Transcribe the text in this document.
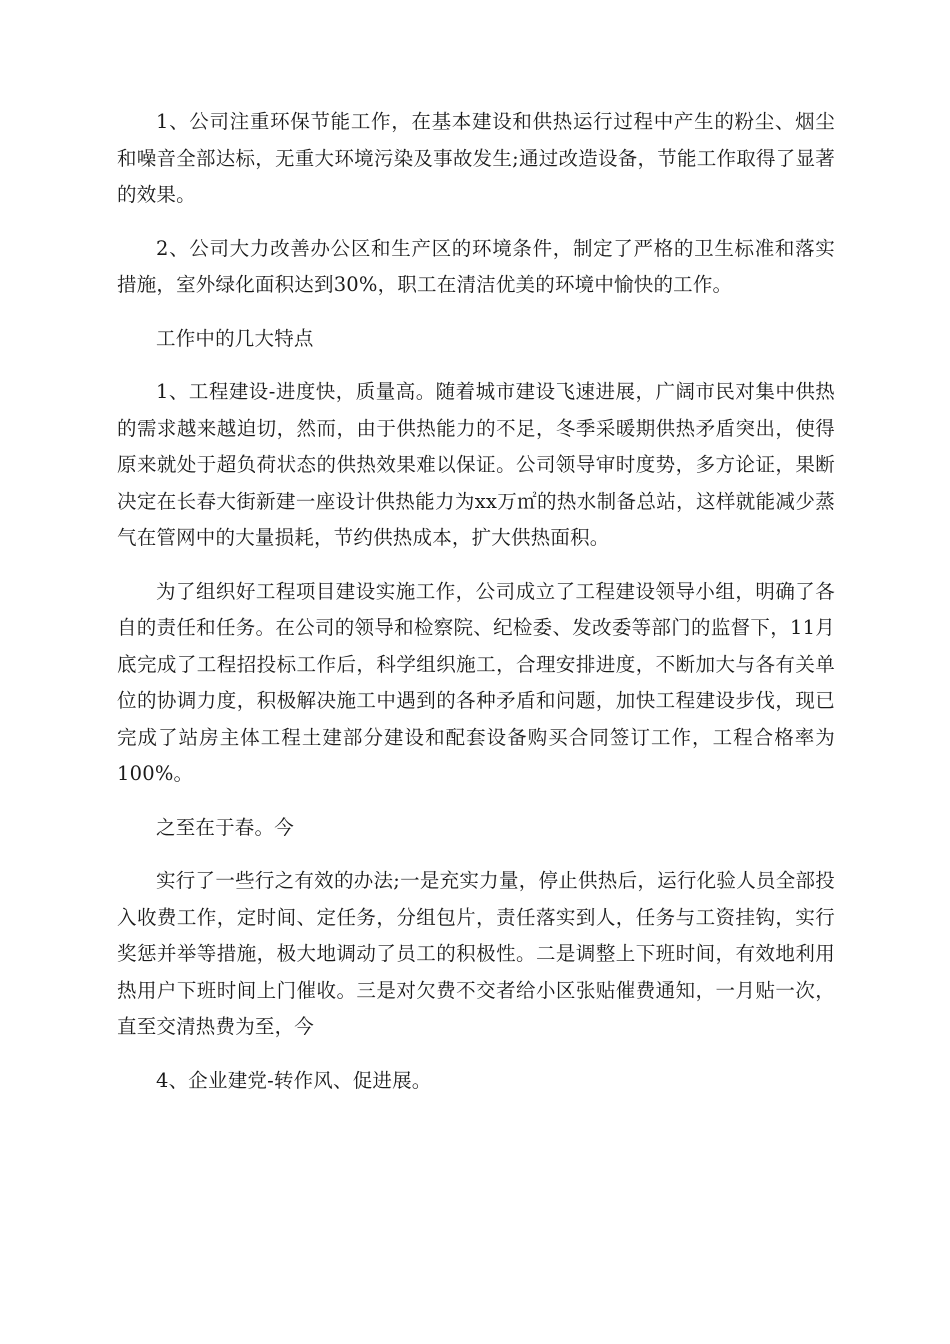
1、公司注重环保节能工作，在基本建设和供热运行过程中产生的粉尘、烟尘和噪音全部达标，无重大环境污染及事故发生;通过改造设备，节能工作取得了显著的效果。

2、公司大力改善办公区和生产区的环境条件，制定了严格的卫生标准和落实措施，室外绿化面积达到30%，职工在清洁优美的环境中愉快的工作。

工作中的几大特点

1、工程建设-进度快，质量高。随着城市建设飞速进展，广阔市民对集中供热的需求越来越迫切，然而，由于供热能力的不足，冬季采暖期供热矛盾突出，使得原来就处于超负荷状态的供热效果难以保证。公司领导审时度势，多方论证，果断决定在长春大街新建一座设计供热能力为xx万㎡的热水制备总站，这样就能减少蒸气在管网中的大量损耗，节约供热成本，扩大供热面积。

为了组织好工程项目建设实施工作，公司成立了工程建设领导小组，明确了各自的责任和任务。在公司的领导和检察院、纪检委、发改委等部门的监督下，11月底完成了工程招投标工作后，科学组织施工，合理安排进度，不断加大与各有关单位的协调力度，积极解决施工中遇到的各种矛盾和问题，加快工程建设步伐，现已完成了站房主体工程土建部分建设和配套设备购买合同签订工作，工程合格率为100%。

之至在于春。今

实行了一些行之有效的办法;一是充实力量，停止供热后，运行化验人员全部投入收费工作，定时间、定任务，分组包片，责任落实到人，任务与工资挂钩，实行奖惩并举等措施，极大地调动了员工的积极性。二是调整上下班时间，有效地利用热用户下班时间上门催收。三是对欠费不交者给小区张贴催费通知，一月贴一次，直至交清热费为至，今

4、企业建党-转作风、促进展。
